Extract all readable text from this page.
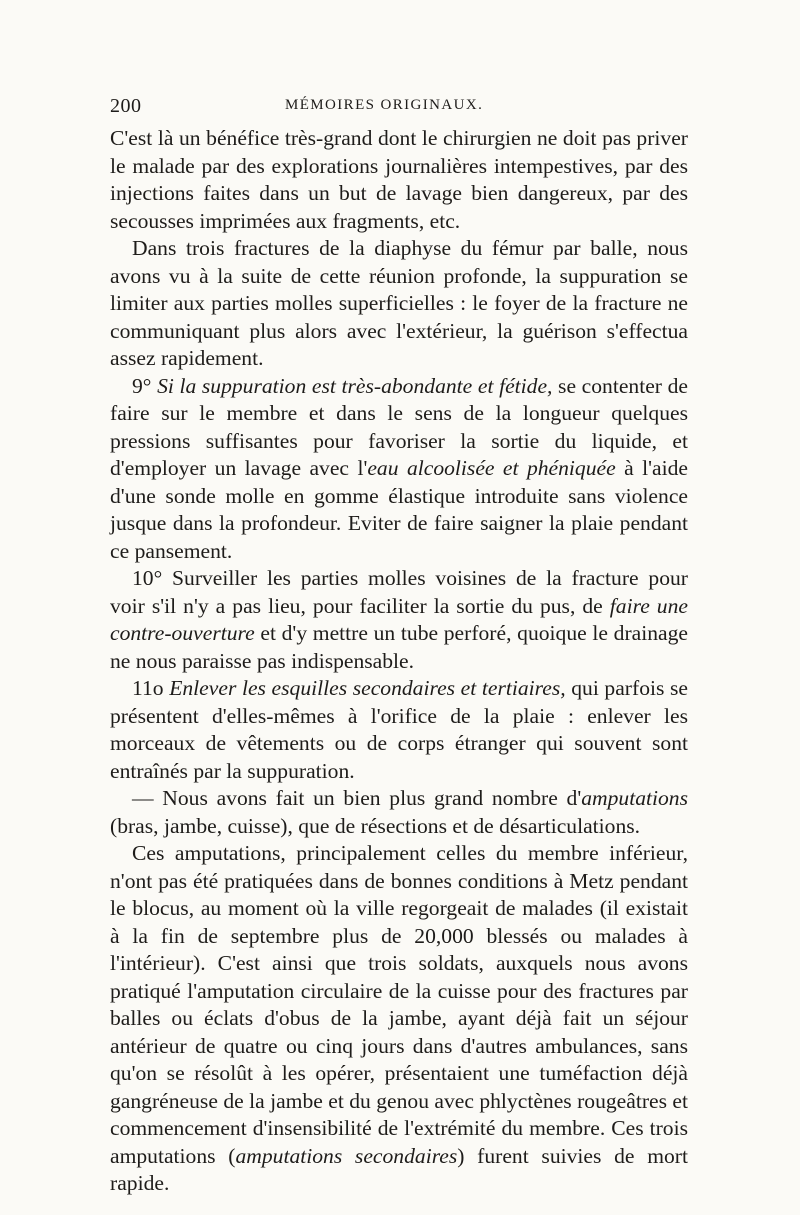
200	MÉMOIRES ORIGINAUX.

C'est là un bénéfice très-grand dont le chirurgien ne doit pas priver le malade par des explorations journalières intempestives, par des injections faites dans un but de lavage bien dangereux, par des secousses imprimées aux fragments, etc.

Dans trois fractures de la diaphyse du fémur par balle, nous avons vu à la suite de cette réunion profonde, la suppuration se limiter aux parties molles superficielles : le foyer de la fracture ne communiquant plus alors avec l'extérieur, la guérison s'effectua assez rapidement.

9° Si la suppuration est très-abondante et fétide, se contenter de faire sur le membre et dans le sens de la longueur quelques pressions suffisantes pour favoriser la sortie du liquide, et d'employer un lavage avec l'eau alcoolisée et phéniquée à l'aide d'une sonde molle en gomme élastique introduite sans violence jusque dans la profondeur. Eviter de faire saigner la plaie pendant ce pansement.

10° Surveiller les parties molles voisines de la fracture pour voir s'il n'y a pas lieu, pour faciliter la sortie du pus, de faire une contre-ouverture et d'y mettre un tube perforé, quoique le drainage ne nous paraisse pas indispensable.

11o Enlever les esquilles secondaires et tertiaires, qui parfois se présentent d'elles-mêmes à l'orifice de la plaie : enlever les morceaux de vêtements ou de corps étranger qui souvent sont entraînés par la suppuration.

— Nous avons fait un bien plus grand nombre d'amputations (bras, jambe, cuisse), que de résections et de désarticulations.

Ces amputations, principalement celles du membre inférieur, n'ont pas été pratiquées dans de bonnes conditions à Metz pendant le blocus, au moment où la ville regorgeait de malades (il existait à la fin de septembre plus de 20,000 blessés ou malades à l'intérieur). C'est ainsi que trois soldats, auxquels nous avons pratiqué l'amputation circulaire de la cuisse pour des fractures par balles ou éclats d'obus de la jambe, ayant déjà fait un séjour antérieur de quatre ou cinq jours dans d'autres ambulances, sans qu'on se résolût à les opérer, présentaient une tuméfaction déjà gangréneuse de la jambe et du genou avec phlyctènes rougeâtres et commencement d'insensibilité de l'extrémité du membre. Ces trois amputations (amputations secondaires) furent suivies de mort rapide.
